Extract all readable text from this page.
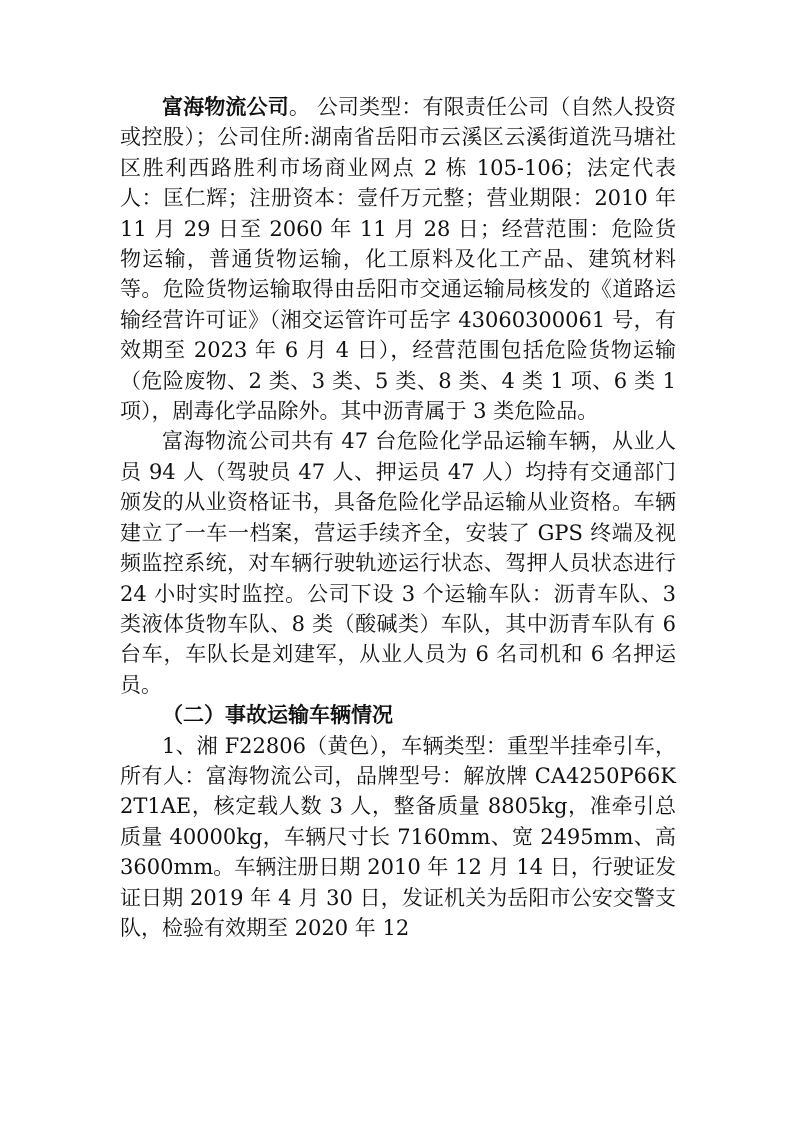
富海物流公司。 公司类型：有限责任公司（自然人投资或控股）；公司住所:湖南省岳阳市云溪区云溪街道洗马塘社区胜利西路胜利市场商业网点 2 栋 105-106；法定代表人：匡仁辉；注册资本：壹仟万元整；营业期限：2010 年 11 月 29 日至 2060 年 11 月 28 日；经营范围：危险货物运输，普通货物运输，化工原料及化工产品、建筑材料等。危险货物运输取得由岳阳市交通运输局核发的《道路运输经营许可证》（湘交运管许可岳字 43060300061 号，有效期至 2023 年 6 月 4 日），经营范围包括危险货物运输（危险废物、2 类、3 类、5 类、8 类、4 类 1 项、6 类 1 项），剧毒化学品除外。其中沥青属于 3 类危险品。

富海物流公司共有 47 台危险化学品运输车辆，从业人员 94 人（驾驶员 47 人、押运员 47 人）均持有交通部门颁发的从业资格证书，具备危险化学品运输从业资格。车辆建立了一车一档案，营运手续齐全，安装了 GPS 终端及视频监控系统，对车辆行驶轨迹运行状态、驾押人员状态进行 24 小时实时监控。公司下设 3 个运输车队：沥青车队、3 类液体货物车队、8 类（酸碱类）车队，其中沥青车队有 6 台车，车队长是刘建军，从业人员为 6 名司机和 6 名押运员。

（二）事故运输车辆情况

1、湘 F22806（黄色），车辆类型：重型半挂牵引车，所有人：富海物流公司，品牌型号：解放牌 CA4250P66K2T1AE，核定载人数 3 人，整备质量 8805kg，准牵引总质量 40000kg，车辆尺寸长 7160mm、宽 2495mm、高 3600mm。车辆注册日期 2010 年 12 月 14 日，行驶证发证日期 2019 年 4 月 30 日，发证机关为岳阳市公安交警支队，检验有效期至 2020 年 12
